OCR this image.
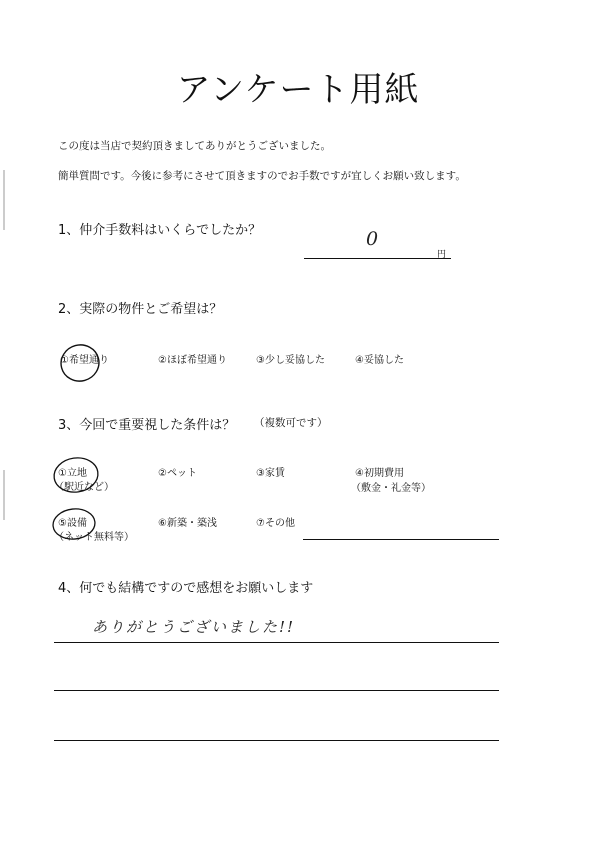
アンケート用紙
この度は当店で契約頂きましてありがとうございました。
簡単質問です。今後に参考にさせて頂きますのでお手数ですが宜しくお願い致します。
1、仲介手数料はいくらでしたか？	0
円
2、実際の物件とご希望は？
①希望通り	②ほぼ希望通り	③少し妥協した	④妥協した
3、今回で重要視した条件は？ （複数可です）
①立地
（駅近など）
②ペット	③家賃	④初期費用
（敷金・礼金等）
⑤設備
（ネット無料等）
⑥新築・築浅	⑦その他
4、何でも結構ですので感想をお願いします
ありがとうございました!!
